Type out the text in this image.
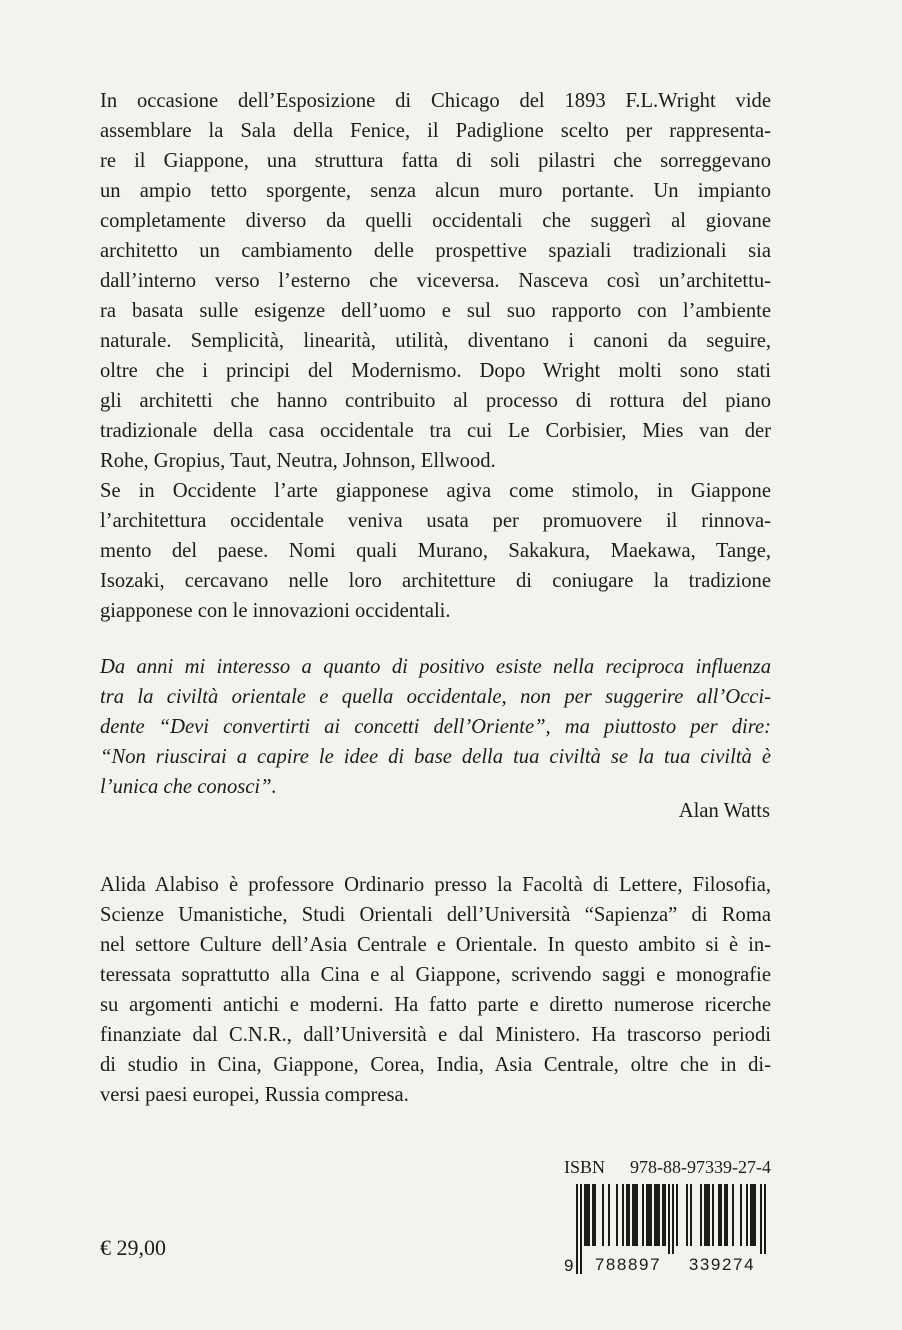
In occasione dell’Esposizione di Chicago del 1893 F.L.Wright vide
assemblare la Sala della Fenice, il Padiglione scelto per rappresenta-
re il Giappone, una struttura fatta di soli pilastri che sorreggevano
un ampio tetto sporgente, senza alcun muro portante. Un impianto
completamente diverso da quelli occidentali che suggerì al giovane
architetto un cambiamento delle prospettive spaziali tradizionali sia
dall’interno verso l’esterno che viceversa. Nasceva così un’architettu-
ra basata sulle esigenze dell’uomo e sul suo rapporto con l’ambiente
naturale. Semplicità, linearità, utilità, diventano i canoni da seguire,
oltre che i principi del Modernismo. Dopo Wright molti sono stati
gli architetti che hanno contribuito al processo di rottura del piano
tradizionale della casa occidentale tra cui Le Corbisier, Mies van der
Rohe, Gropius, Taut, Neutra, Johnson, Ellwood.
Se in Occidente l’arte giapponese agiva come stimolo, in Giappone
l’architettura occidentale veniva usata per promuovere il rinnova-
mento del paese. Nomi quali Murano, Sakakura, Maekawa, Tange,
Isozaki, cercavano nelle loro architetture di coniugare la tradizione
giapponese con le innovazioni occidentali.
Da anni mi interesso a quanto di positivo esiste nella reciproca influenza
tra la civiltà orientale e quella occidentale, non per suggerire all’Occi-
dente “Devi convertirti ai concetti dell’Oriente”, ma piuttosto per dire:
“Non riuscirai a capire le idee di base della tua civiltà se la tua civiltà è
l’unica che conosci”.
Alan Watts
Alida Alabiso è professore Ordinario presso la Facoltà di Lettere, Filosofia,
Scienze Umanistiche, Studi Orientali dell’Università “Sapienza” di Roma
nel settore Culture dell’Asia Centrale e Orientale. In questo ambito si è in-
teressata soprattutto alla Cina e al Giappone, scrivendo saggi e monografie
su argomenti antichi e moderni. Ha fatto parte e diretto numerose ricerche
finanziate dal C.N.R., dall’Università e dal Ministero. Ha trascorso periodi
di studio in Cina, Giappone, Corea, India, Asia Centrale, oltre che in di-
versi paesi europei, Russia compresa.
ISBN 978-88-97339-27-4
9	788897	339274
€ 29,00
